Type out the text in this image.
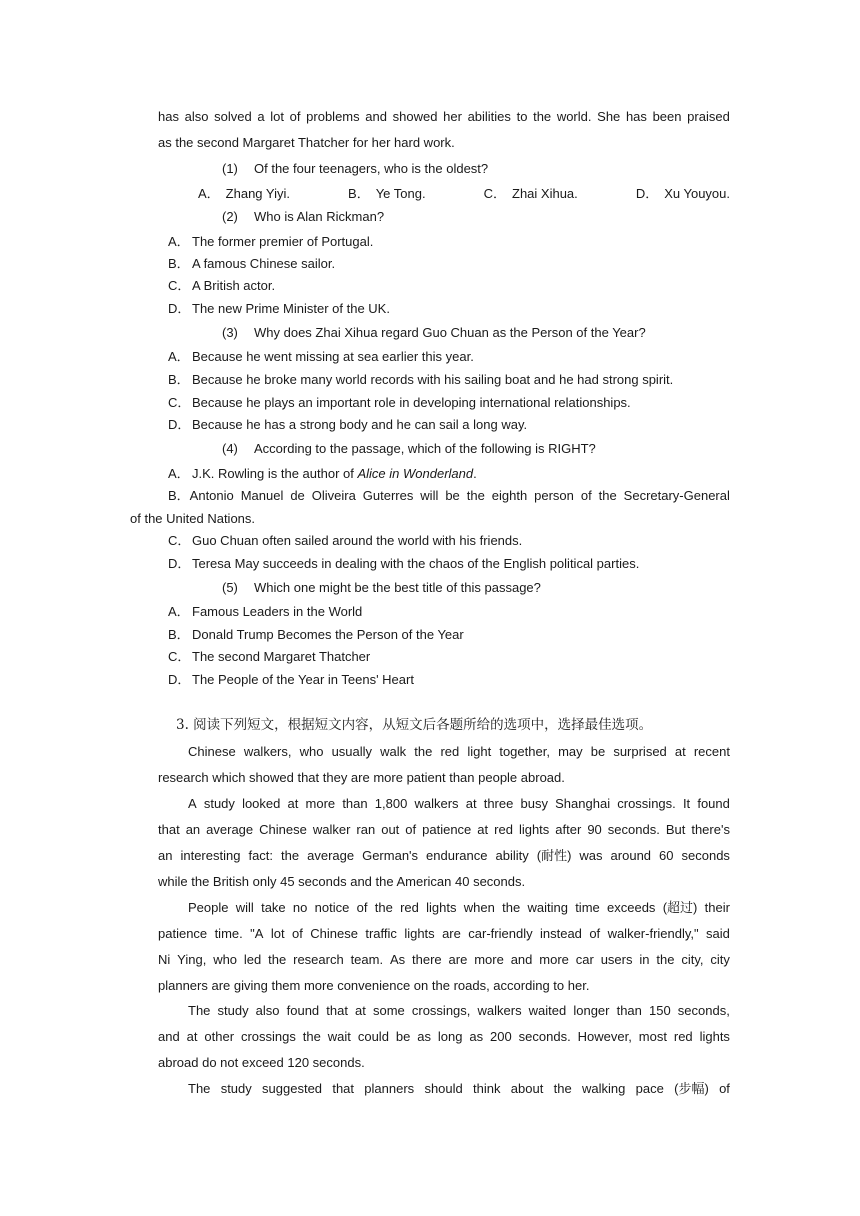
has also solved a lot of problems and showed her abilities to the world. She has been praised
as the second Margaret Thatcher for her hard work.
(1) Of the four teenagers, who is the oldest?
A． Zhang Yiyi.	B． Ye Tong.	C． Zhai Xihua.	D． Xu Youyou.
(2) Who is Alan Rickman?
A． The former premier of Portugal.
B． A famous Chinese sailor.
C． A British actor.
D． The new Prime Minister of the UK.
(3) Why does Zhai Xihua regard Guo Chuan as the Person of the Year?
A． Because he went missing at sea earlier this year.
B． Because he broke many world records with his sailing boat and he had strong spirit.
C． Because he plays an important role in developing international relationships.
D． Because he has a strong body and he can sail a long way.
(4) According to the passage, which of the following is RIGHT?
A． J.K. Rowling is the author of Alice in Wonderland.
B．Antonio Manuel de Oliveira Guterres will be the eighth person of the Secretary-General
of the United Nations.
C． Guo Chuan often sailed around the world with his friends.
D． Teresa May succeeds in dealing with the chaos of the English political parties.
(5) Which one might be the best title of this passage?
A． Famous Leaders in the World
B． Donald Trump Becomes the Person of the Year
C． The second Margaret Thatcher
D． The People of the Year in Teens' Heart
3. 阅读下列短文，根据短文内容，从短文后各题所给的选项中，选择最佳选项。
Chinese walkers, who usually walk the red light together, may be surprised at recent
research which showed that they are more patient than people abroad.
A study looked at more than 1,800 walkers at three busy Shanghai crossings. It found
that an average Chinese walker ran out of patience at red lights after 90 seconds. But there's
an interesting fact: the average German's endurance ability (耐性) was around 60 seconds
while the British only 45 seconds and the American 40 seconds.
People will take no notice of the red lights when the waiting time exceeds (超过) their
patience time. "A lot of Chinese traffic lights are car-friendly instead of walker-friendly," said
Ni Ying, who led the research team. As there are more and more car users in the city, city
planners are giving them more convenience on the roads, according to her.
The study also found that at some crossings, walkers waited longer than 150 seconds,
and at other crossings the wait could be as long as 200 seconds. However, most red lights
abroad do not exceed 120 seconds.
The study suggested that planners should think about the walking pace (步幅) of
